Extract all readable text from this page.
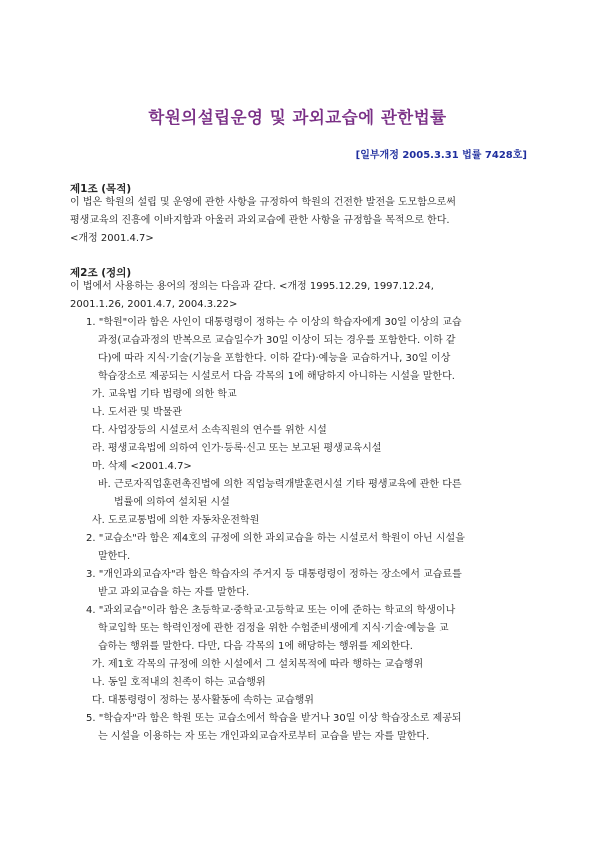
학원의설립운영 및 과외교습에 관한법률
[일부개정 2005.3.31 법률 7428호]
제1조 (목적)
이 법은 학원의 설립 및 운영에 관한 사항을 규정하여 학원의 건전한 발전을 도모함으로써
평생교육의 진흥에 이바지함과 아울러 과외교습에 관한 사항을 규정함을 목적으로 한다.
<개정 2001.4.7>
제2조 (정의)
이 법에서 사용하는 용어의 정의는 다음과 같다. <개정 1995.12.29, 1997.12.24,
2001.1.26, 2001.4.7, 2004.3.22>
1. "학원"이라 함은 사인이 대통령령이 정하는 수 이상의 학습자에게 30일 이상의 교습
과정(교습과정의 반복으로 교습일수가 30일 이상이 되는 경우를 포함한다. 이하 같
다)에 따라 지식·기술(기능을 포함한다. 이하 같다)·예능을 교습하거나, 30일 이상
학습장소로 제공되는 시설로서 다음 각목의 1에 해당하지 아니하는 시설을 말한다.
가. 교육법 기타 법령에 의한 학교
나. 도서관 및 박물관
다. 사업장등의 시설로서 소속직원의 연수를 위한 시설
라. 평생교육법에 의하여 인가·등록·신고 또는 보고된 평생교육시설
마. 삭제 <2001.4.7>
바. 근로자직업훈련촉진법에 의한 직업능력개발훈련시설 기타 평생교육에 관한 다른
법률에 의하여 설치된 시설
사. 도로교통법에 의한 자동차운전학원
2. "교습소"라 함은 제4호의 규정에 의한 과외교습을 하는 시설로서 학원이 아닌 시설을
말한다.
3. "개인과외교습자"라 함은 학습자의 주거지 등 대통령령이 정하는 장소에서 교습료를
받고 과외교습을 하는 자를 말한다.
4. "과외교습"이라 함은 초등학교·중학교·고등학교 또는 이에 준하는 학교의 학생이나
학교입학 또는 학력인정에 관한 검정을 위한 수험준비생에게 지식·기술·예능을 교
습하는 행위를 말한다. 다만, 다음 각목의 1에 해당하는 행위를 제외한다.
가. 제1호 각목의 규정에 의한 시설에서 그 설치목적에 따라 행하는 교습행위
나. 동일 호적내의 친족이 하는 교습행위
다. 대통령령이 정하는 봉사활동에 속하는 교습행위
5. "학습자"라 함은 학원 또는 교습소에서 학습을 받거나 30일 이상 학습장소로 제공되
는 시설을 이용하는 자 또는 개인과외교습자로부터 교습을 받는 자를 말한다.
